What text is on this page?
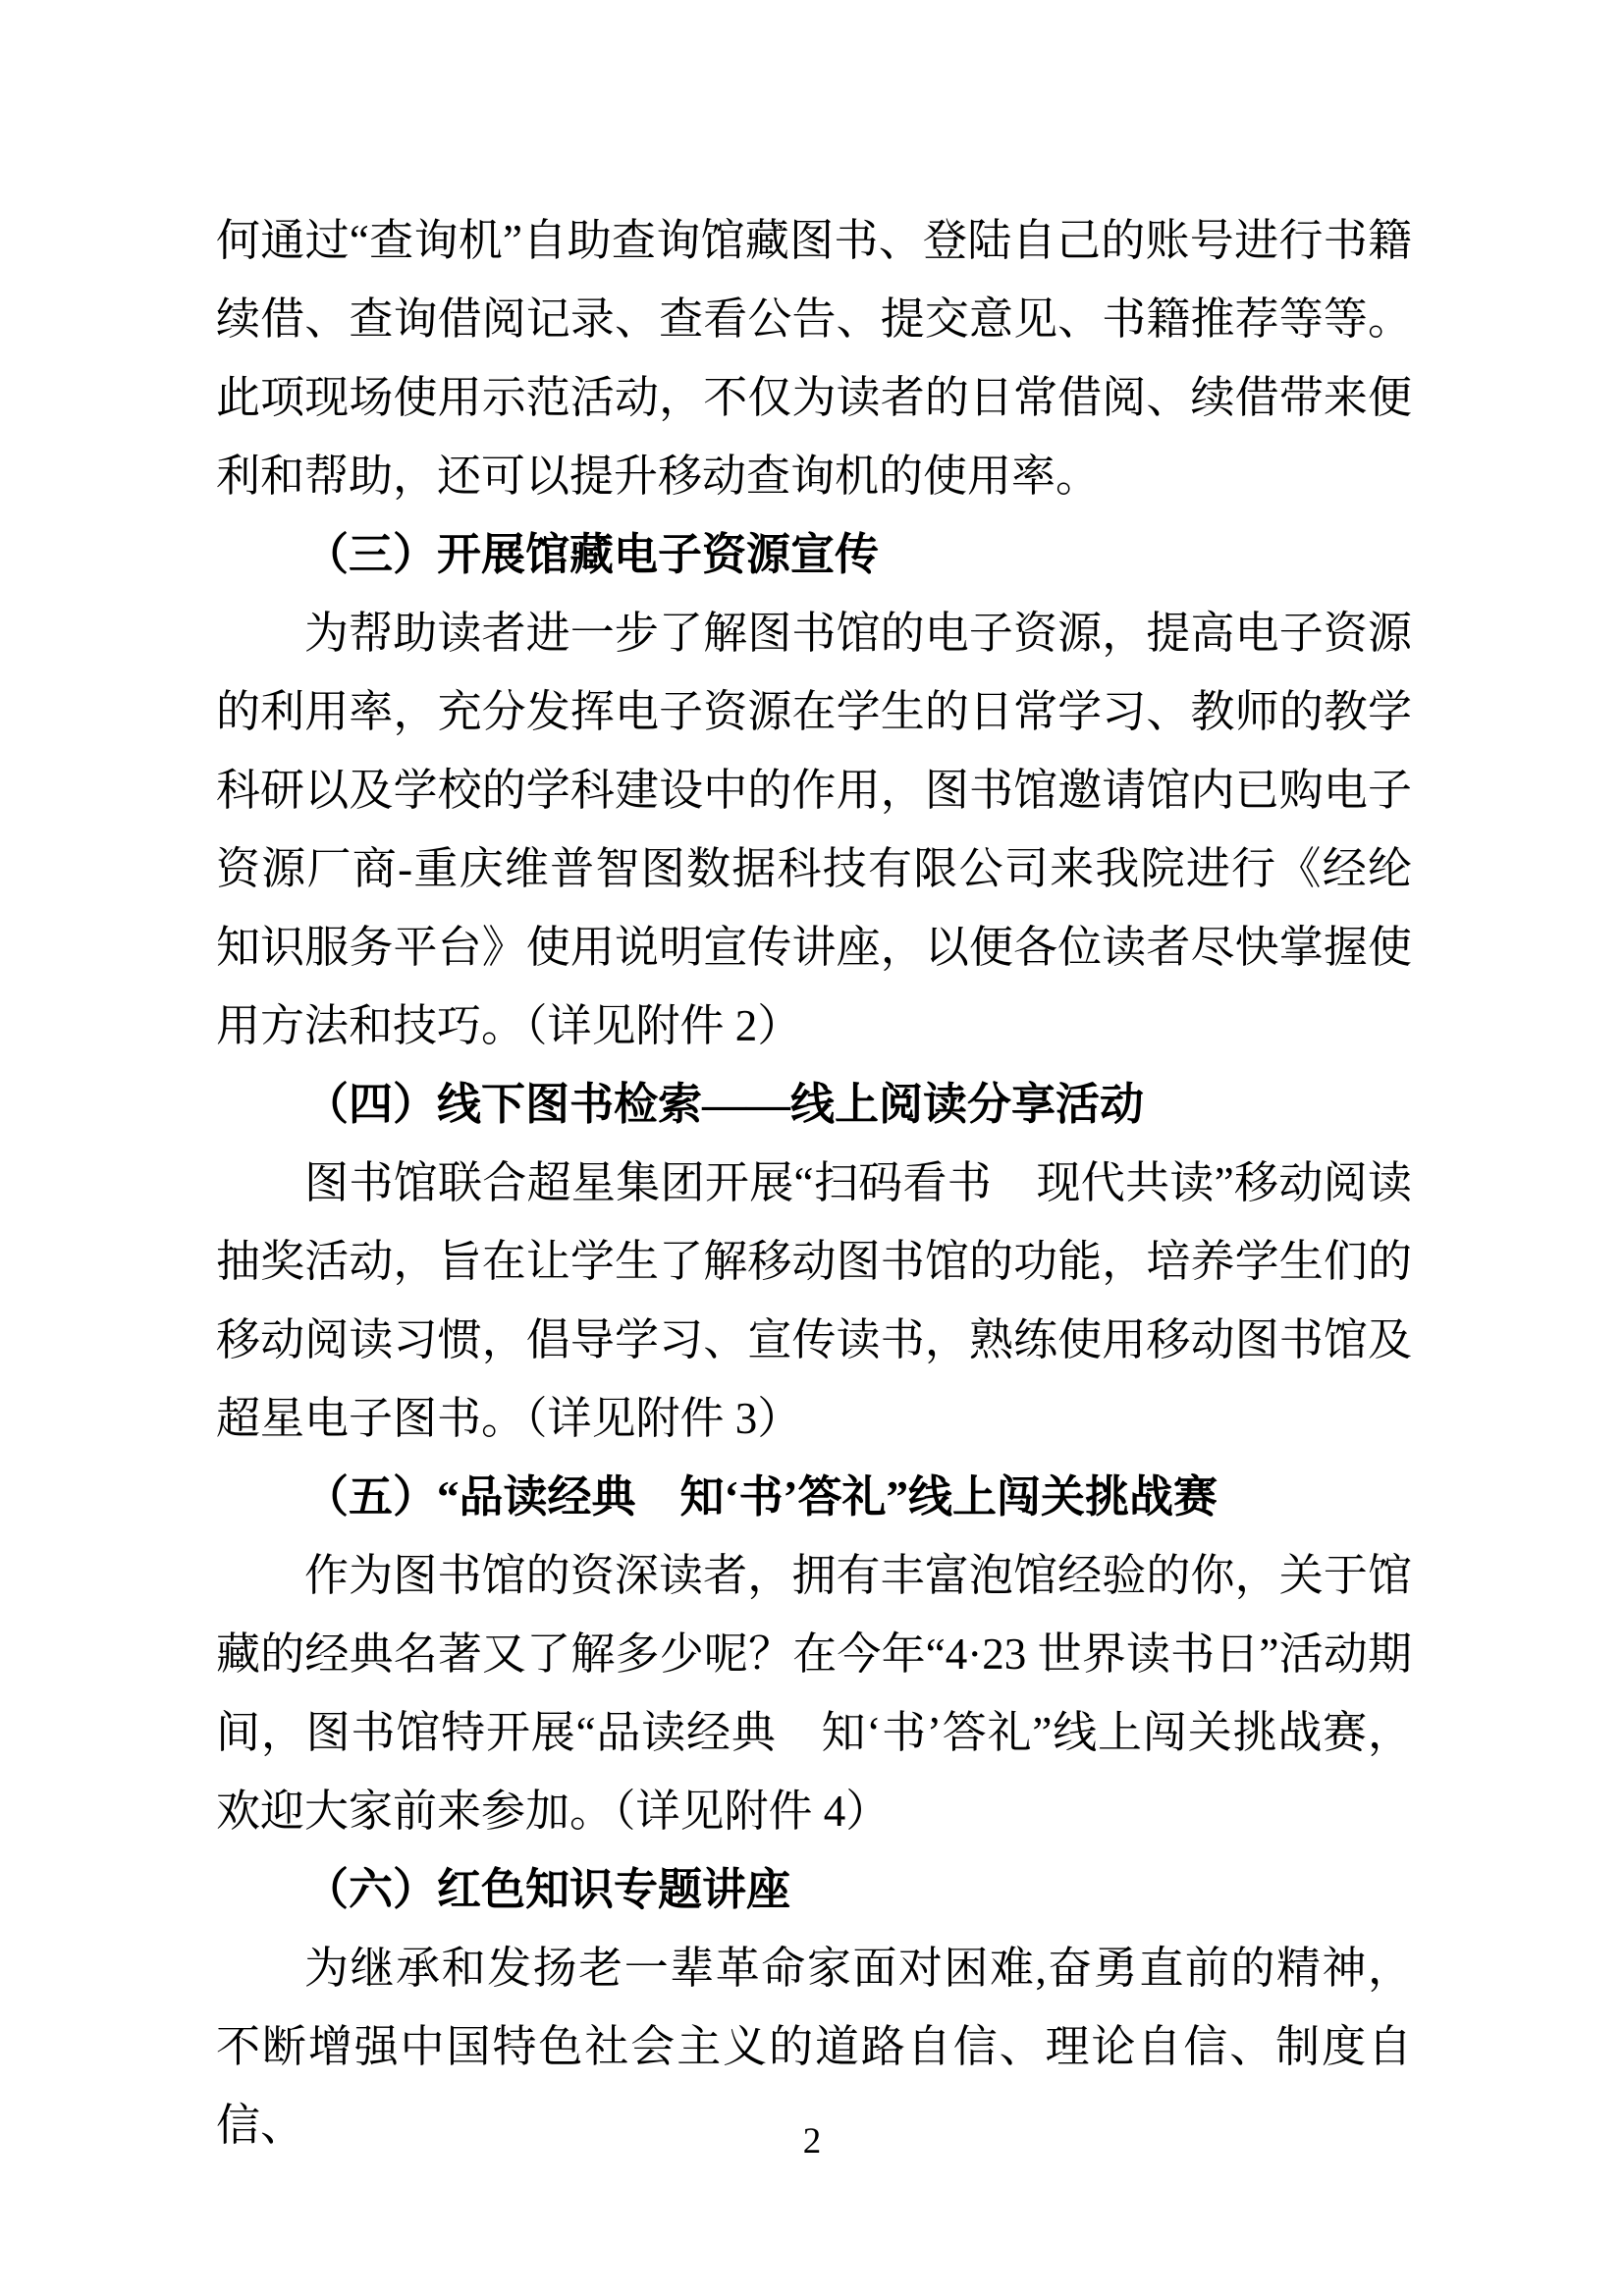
何通过“查询机”自助查询馆藏图书、登陆自己的账号进行书籍续借、查询借阅记录、查看公告、提交意见、书籍推荐等等。此项现场使用示范活动，不仅为读者的日常借阅、续借带来便利和帮助，还可以提升移动查询机的使用率。

（三）开展馆藏电子资源宣传

为帮助读者进一步了解图书馆的电子资源，提高电子资源的利用率，充分发挥电子资源在学生的日常学习、教师的教学科研以及学校的学科建设中的作用，图书馆邀请馆内已购电子资源厂商-重庆维普智图数据科技有限公司来我院进行《经纶知识服务平台》使用说明宣传讲座，以便各位读者尽快掌握使用方法和技巧。（详见附件 2）

（四）线下图书检索——线上阅读分享活动

图书馆联合超星集团开展“扫码看书　现代共读”移动阅读抽奖活动，旨在让学生了解移动图书馆的功能，培养学生们的移动阅读习惯，倡导学习、宣传读书，熟练使用移动图书馆及超星电子图书。（详见附件 3）

（五）“品读经典　知‘书’答礼”线上闯关挑战赛

作为图书馆的资深读者，拥有丰富泡馆经验的你，关于馆藏的经典名著又了解多少呢？在今年“4·23 世界读书日”活动期间，图书馆特开展“品读经典　知‘书’答礼”线上闯关挑战赛，欢迎大家前来参加。（详见附件 4）

（六）红色知识专题讲座

为继承和发扬老一辈革命家面对困难,奋勇直前的精神，不断增强中国特色社会主义的道路自信、理论自信、制度自信、	2
